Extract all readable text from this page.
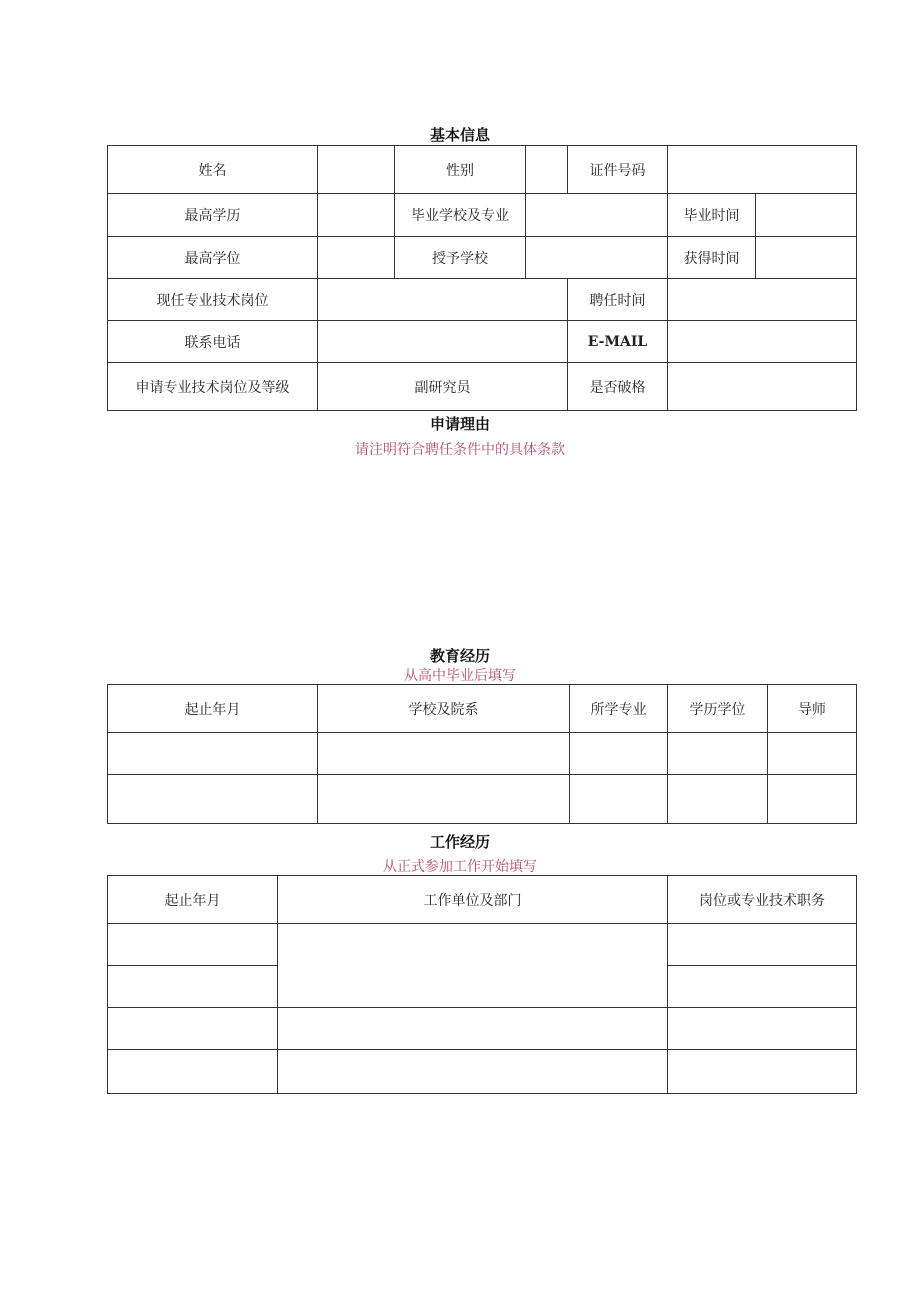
基本信息
姓名		性别		证件号码		
最高学历		毕业学校及专业			毕业时间	
最高学位		授予学校			获得时间	
现任专业技术岗位				聘任时间		
联系电话				E-MAIL		
申请专业技术岗位及等级	副研究员			是否破格		
申请理由
请注明符合聘任条件中的具体条款
教育经历
从高中毕业后填写
起止年月	学校及院系	所学专业	学历学位	导师

工作经历
从正式参加工作开始填写
起止年月	工作单位及部门	岗位或专业技术职务
